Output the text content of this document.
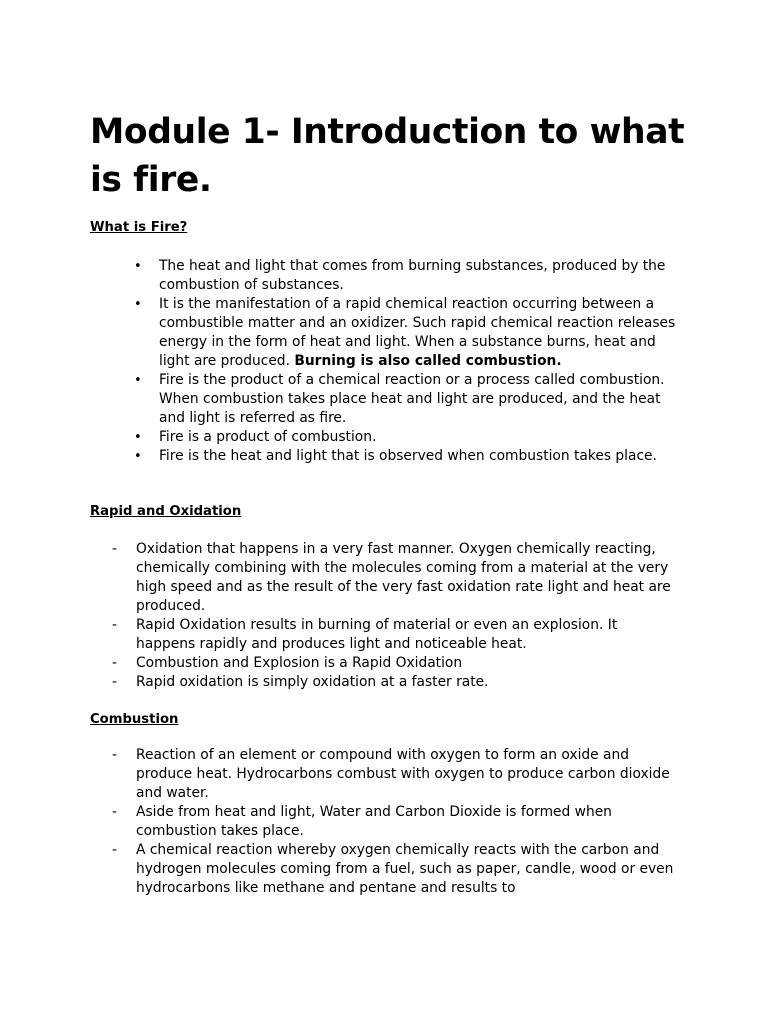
Module 1- Introduction to what is fire.
What is Fire?
• The heat and light that comes from burning substances, produced by the combustion of substances.
• It is the manifestation of a rapid chemical reaction occurring between a combustible matter and an oxidizer. Such rapid chemical reaction releases energy in the form of heat and light. When a substance burns, heat and light are produced. Burning is also called combustion.
• Fire is the product of a chemical reaction or a process called combustion. When combustion takes place heat and light are produced, and the heat and light is referred as fire.
• Fire is a product of combustion.
• Fire is the heat and light that is observed when combustion takes place.
Rapid and Oxidation
- Oxidation that happens in a very fast manner. Oxygen chemically reacting, chemically combining with the molecules coming from a material at the very high speed and as the result of the very fast oxidation rate light and heat are produced.
- Rapid Oxidation results in burning of material or even an explosion. It happens rapidly and produces light and noticeable heat.
- Combustion and Explosion is a Rapid Oxidation
- Rapid oxidation is simply oxidation at a faster rate.
Combustion
- Reaction of an element or compound with oxygen to form an oxide and produce heat. Hydrocarbons combust with oxygen to produce carbon dioxide and water.
- Aside from heat and light, Water and Carbon Dioxide is formed when combustion takes place.
- A chemical reaction whereby oxygen chemically reacts with the carbon and hydrogen molecules coming from a fuel, such as paper, candle, wood or even hydrocarbons like methane and pentane and results to
